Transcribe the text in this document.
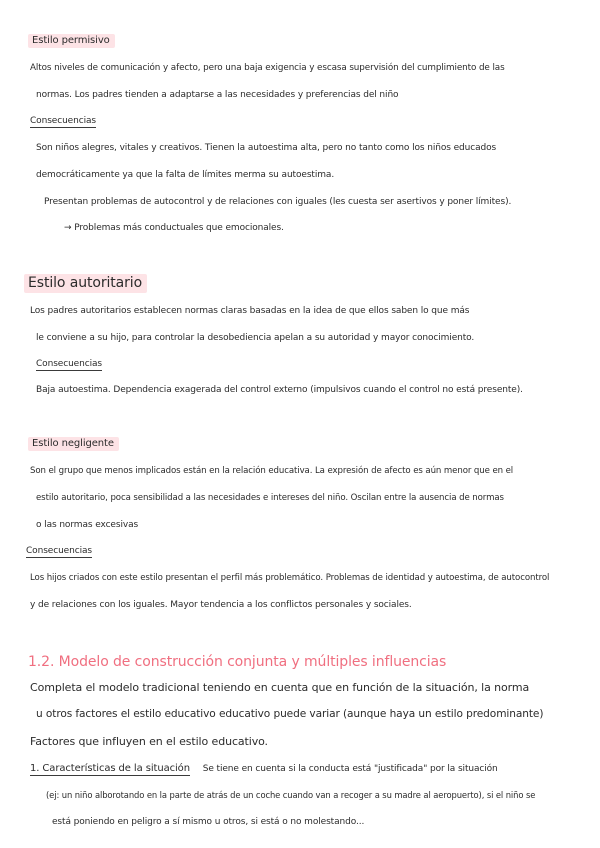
Estilo permisivo
Altos niveles de comunicación y afecto, pero una baja exigencia y escasa supervisión del cumplimiento de las
normas. Los padres tienden a adaptarse a las necesidades y preferencias del niño
Consecuencias
Son niños alegres, vitales y creativos. Tienen la autoestima alta, pero no tanto como los niños educados
democráticamente ya que la falta de límites merma su autoestima.
Presentan problemas de autocontrol y de relaciones con iguales (les cuesta ser asertivos y poner límites).
→ Problemas más conductuales que emocionales.
Estilo autoritario
Los padres autoritarios establecen normas claras basadas en la idea de que ellos saben lo que más
le conviene a su hijo, para controlar la desobediencia apelan a su autoridad y mayor conocimiento.
Consecuencias
Baja autoestima. Dependencia exagerada del control externo (impulsivos cuando el control no está presente).
Estilo negligente
Son el grupo que menos implicados están en la relación educativa. La expresión de afecto es aún menor que en el
estilo autoritario, poca sensibilidad a las necesidades e intereses del niño. Oscilan entre la ausencia de normas
o las normas excesivas
Consecuencias
Los hijos criados con este estilo presentan el perfil más problemático. Problemas de identidad y autoestima, de autocontrol
y de relaciones con los iguales. Mayor tendencia a los conflictos personales y sociales.
1.2. Modelo de construcción conjunta y múltiples influencias
Completa el modelo tradicional teniendo en cuenta que en función de la situación, la norma
u otros factores el estilo educativo educativo puede variar (aunque haya un estilo predominante)
Factores que influyen en el estilo educativo.
1. Características de la situación Se tiene en cuenta si la conducta está "justificada" por la situación
(ej: un niño alborotando en la parte de atrás de un coche cuando van a recoger a su madre al aeropuerto), si el niño se
está poniendo en peligro a sí mismo u otros, si está o no molestando...
